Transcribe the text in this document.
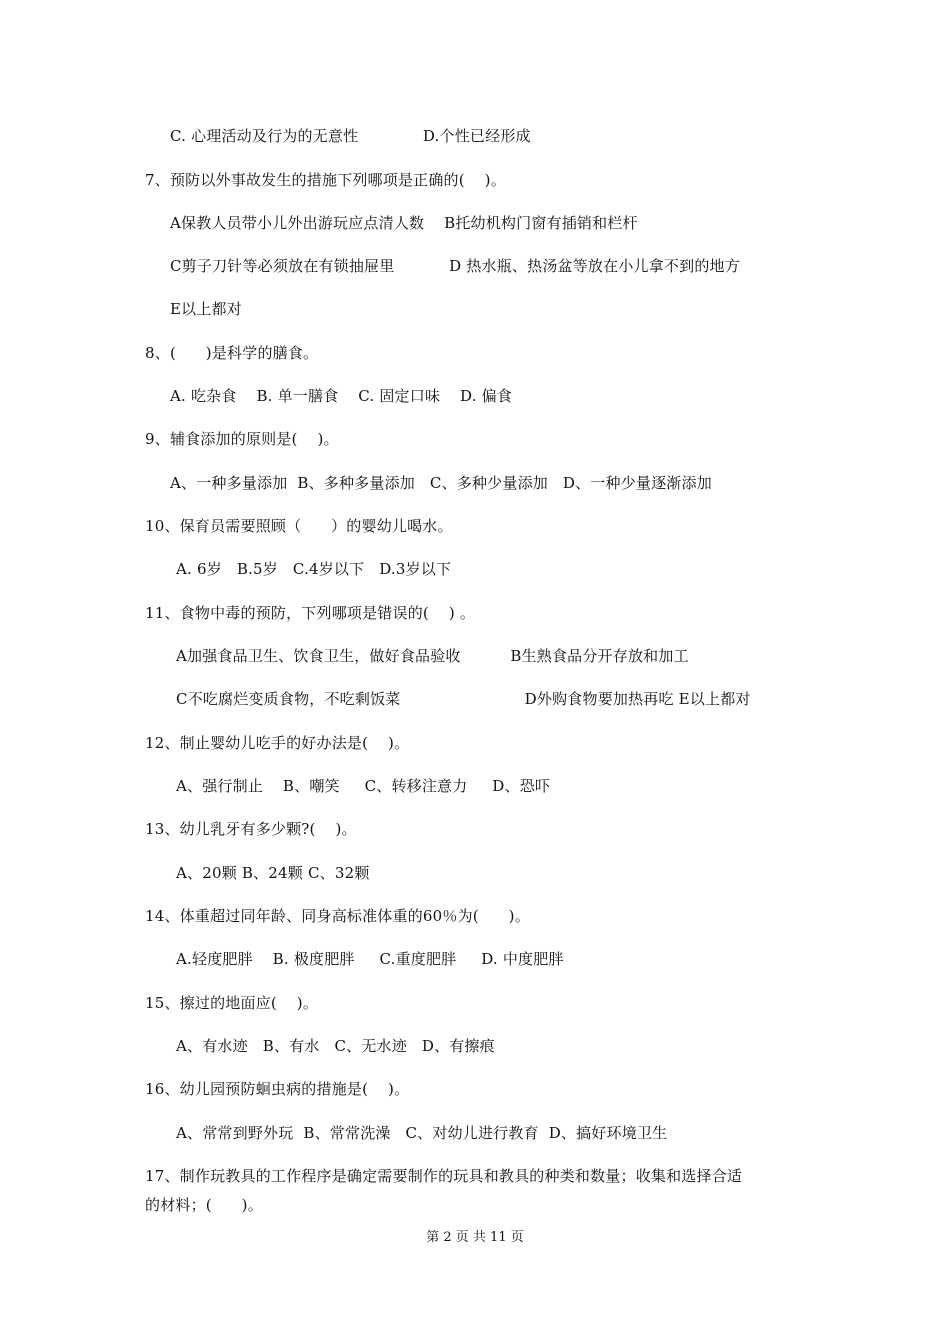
C. 心理活动及行为的无意性             D.个性已经形成
7、预防以外事故发生的措施下列哪项是正确的(    )。
A保教人员带小儿外出游玩应点清人数    B托幼机构门窗有插销和栏杆
C剪子刀针等必须放在有锁抽屉里           D 热水瓶、热汤盆等放在小儿拿不到的地方
E以上都对
8、(      )是科学的膳食。
A. 吃杂食    B. 单一膳食    C. 固定口味    D. 偏食
9、辅食添加的原则是(    )。
A、一种多量添加  B、多种多量添加   C、多种少量添加   D、一种少量逐渐添加
10、保育员需要照顾（      ）的婴幼儿喝水。
A. 6岁   B.5岁   C.4岁以下   D.3岁以下
11、食物中毒的预防，下列哪项是错误的(    ) 。
A加强食品卫生、饮食卫生，做好食品验收          B生熟食品分开存放和加工
C不吃腐烂变质食物，不吃剩饭菜                         D外购食物要加热再吃 E以上都对
12、制止婴幼儿吃手的好办法是(    )。
A、强行制止    B、嘲笑     C、转移注意力     D、恐吓
13、幼儿乳牙有多少颗?(    )。
A、20颗 B、24颗 C、32颗
14、体重超过同年龄、同身高标准体重的60％为(      )。
A.轻度肥胖    B. 极度肥胖     C.重度肥胖     D. 中度肥胖
15、擦过的地面应(    )。
A、有水迹   B、有水   C、无水迹   D、有擦痕
16、幼儿园预防蛔虫病的措施是(    )。
A、常常到野外玩  B、常常洗澡   C、对幼儿进行教育  D、搞好环境卫生
17、制作玩教具的工作程序是确定需要制作的玩具和教具的种类和数量；收集和选择合适
的材料；(      )。
第 2 页 共 11 页
